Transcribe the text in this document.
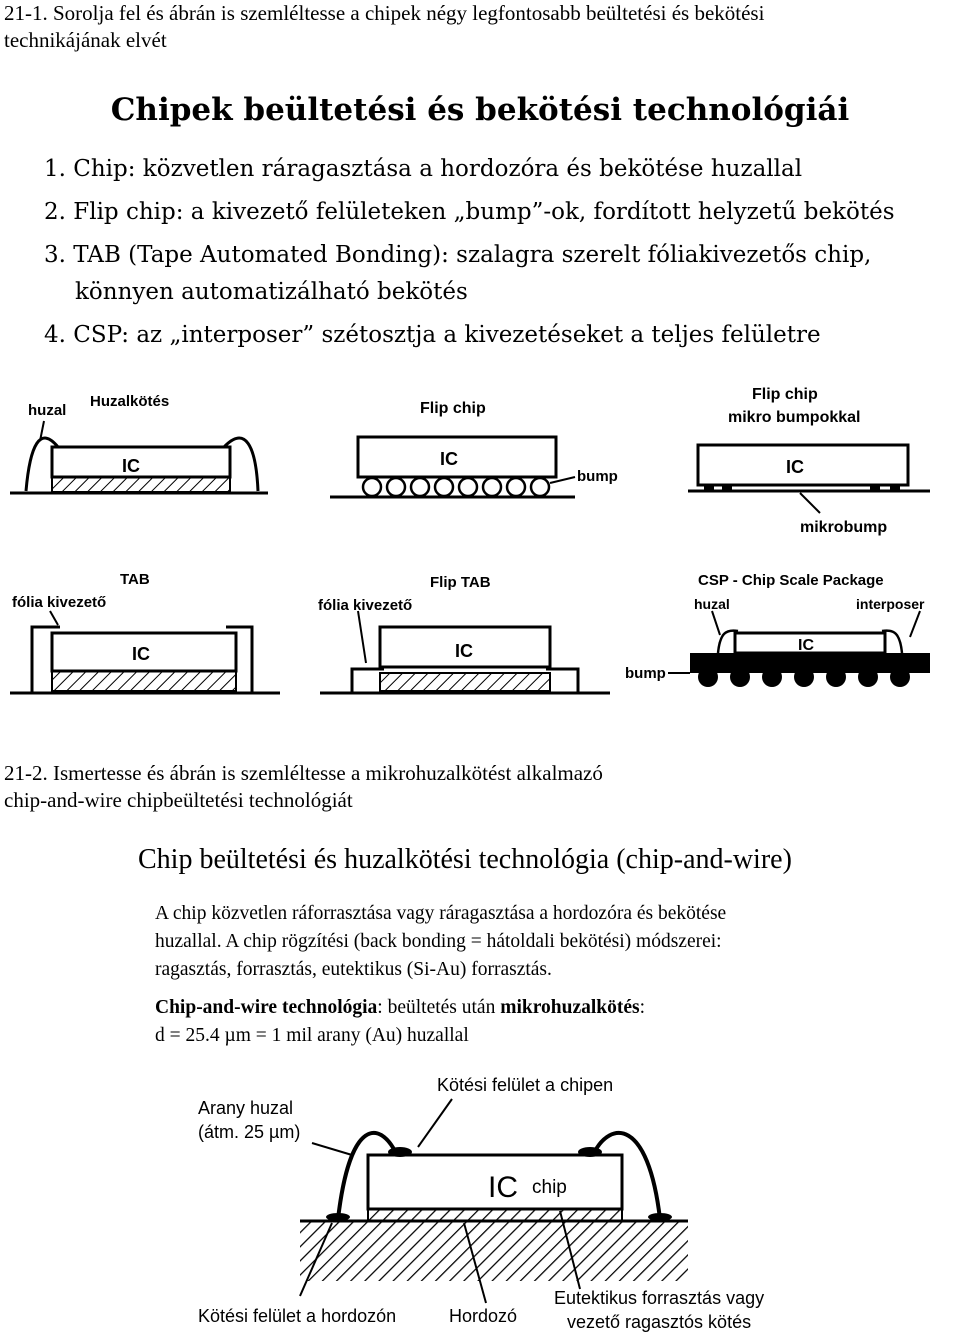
21-1. Sorolja fel és ábrán is szemléltesse a chipek négy legfontosabb beültetési és bekötési
technikájának elvét
Chipek beültetési és bekötési technológiái
1. Chip: közvetlen ráragasztása a hordozóra és bekötése huzallal
2. Flip chip: a kivezető felületeken „bump”-ok, fordított helyzetű bekötés
3. TAB (Tape Automated Bonding): szalagra szerelt fóliakivezetős chip,
könnyen automatizálható bekötés
4. CSP: az „interposer” szétosztja a kivezetéseket a teljes felületre
huzal
Huzalkötés
IC
Flip chip
IC
bump
Flip chip
mikro bumpokkal
IC
mikrobump
TAB
fólia kivezető
IC
Flip TAB
fólia kivezető
IC
bump
CSP - Chip Scale Package
huzal	interposer
IC
21-2. Ismertesse és ábrán is szemléltesse a mikrohuzalkötést alkalmazó
chip-and-wire chipbeültetési technológiát
Chip beültetési és huzalkötési technológia (chip-and-wire)
A chip közvetlen ráforrasztása vagy ráragasztása a hordozóra és bekötése
huzallal. A chip rögzítési (back bonding = hátoldali bekötési) módszerei:
ragasztás, forrasztás, eutektikus (Si-Au) forrasztás.
Chip-and-wire technológia: beültetés után mikrohuzalkötés:
d = 25.4 µm = 1 mil arany (Au) huzallal
IC chip
Arany huzal
(átm. 25 µm)
Kötési felület a chipen
Kötési felület a hordozón	Hordozó
Eutektikus forrasztás vagy
vezető ragasztós kötés
